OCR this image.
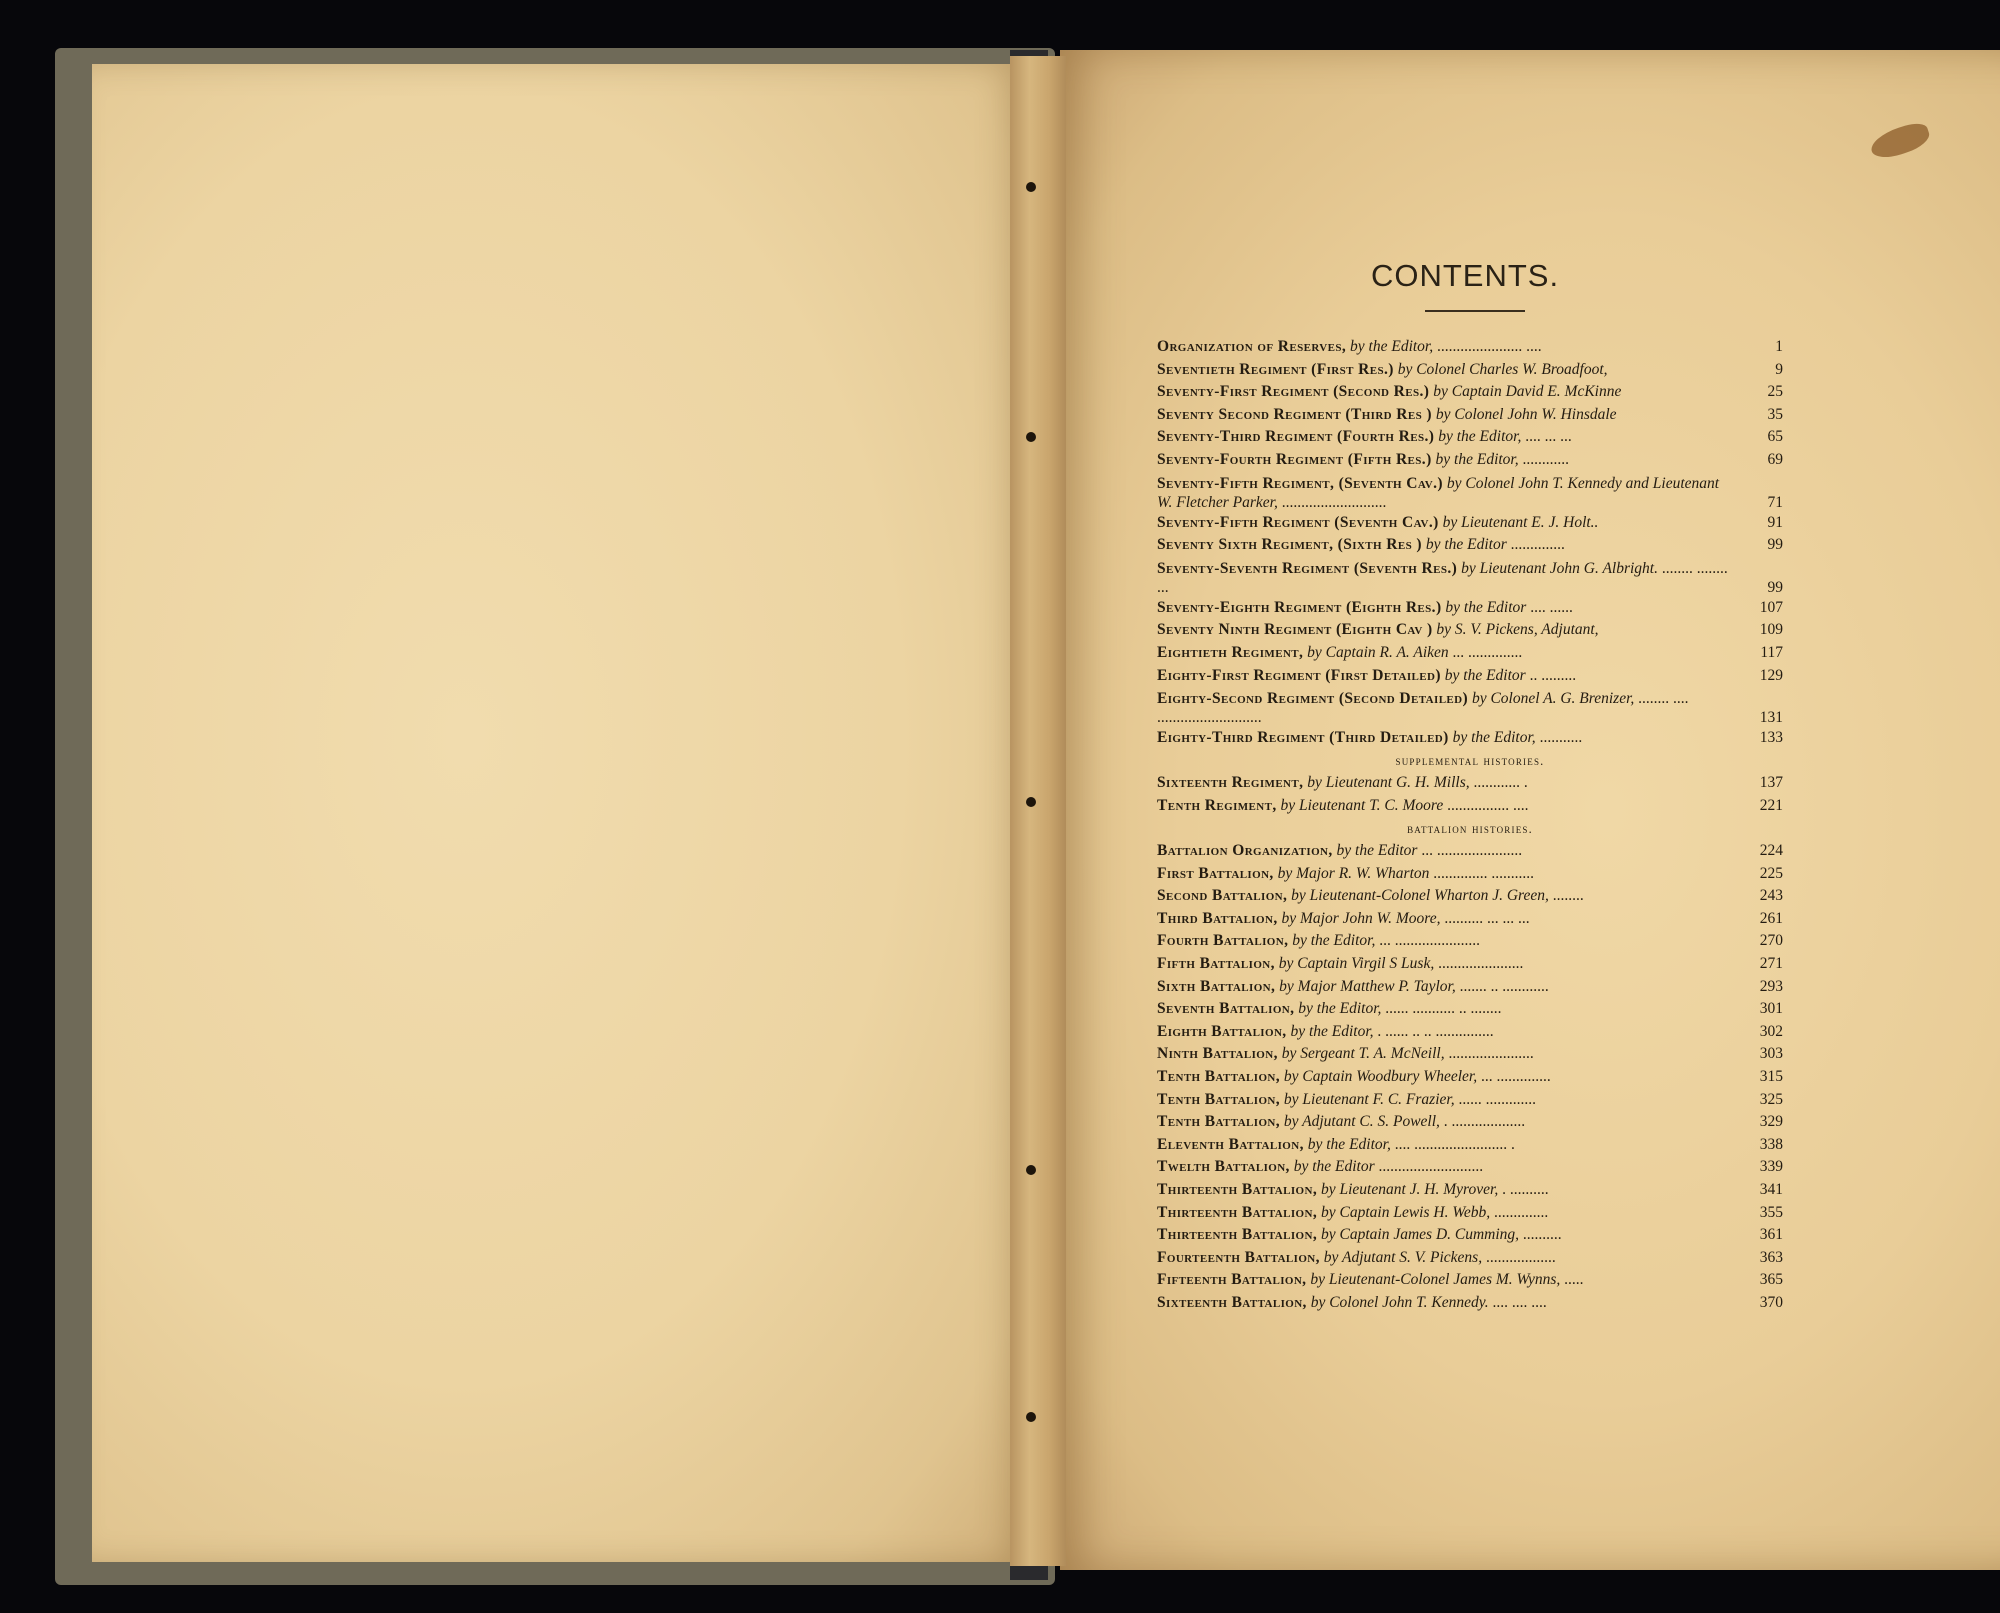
CONTENTS.
Organization of Reserves, by the Editor, ...................... ....	1
Seventieth Regiment (First Res.) by Colonel Charles W. Broadfoot,	9
Seventy-First Regiment (Second Res.) by Captain David E. McKinne	25
Seventy Second Regiment (Third Res ) by Colonel John W. Hinsdale	35
Seventy-Third Regiment (Fourth Res.) by the Editor, .... ... ...	65
Seventy-Fourth Regiment (Fifth Res.) by the Editor, ............	69
Seventy-Fifth Regiment, (Seventh Cav.) by Colonel John T. Kennedy and Lieutenant W. Fletcher Parker, ...........................	71
Seventy-Fifth Regiment (Seventh Cav.) by Lieutenant E. J. Holt..	91
Seventy Sixth Regiment, (Sixth Res ) by the Editor ..............	99
Seventy-Seventh Regiment (Seventh Res.) by Lieutenant John G. Albright. ........ ........ ...	99
Seventy-Eighth Regiment (Eighth Res.) by the Editor .... ......	107
Seventy Ninth Regiment (Eighth Cav ) by S. V. Pickens, Adjutant,	109
Eightieth Regiment, by Captain R. A. Aiken ... ..............	117
Eighty-First Regiment (First Detailed) by the Editor .. .........	129
Eighty-Second Regiment (Second Detailed) by Colonel A. G. Brenizer, ........ .... ...........................	131
Eighty-Third Regiment (Third Detailed) by the Editor, ...........	133
supplemental histories.
Sixteenth Regiment, by Lieutenant G. H. Mills, ............ .	137
Tenth Regiment, by Lieutenant T. C. Moore ................ ....	221
battalion histories.
Battalion Organization, by the Editor ... ......................	224
First Battalion, by Major R. W. Wharton .............. ...........	225
Second Battalion, by Lieutenant-Colonel Wharton J. Green, ........	243
Third Battalion, by Major John W. Moore, .......... ... ... ...	261
Fourth Battalion, by the Editor, ... ......................	270
Fifth Battalion, by Captain Virgil S Lusk, ......................	271
Sixth Battalion, by Major Matthew P. Taylor, ....... .. ............	293
Seventh Battalion, by the Editor, ...... ........... .. ........	301
Eighth Battalion, by the Editor, . ...... .. .. ...............	302
Ninth Battalion, by Sergeant T. A. McNeill, ......................	303
Tenth Battalion, by Captain Woodbury Wheeler, ... ..............	315
Tenth Battalion, by Lieutenant F. C. Frazier, ...... .............	325
Tenth Battalion, by Adjutant C. S. Powell, . ...................	329
Eleventh Battalion, by the Editor, .... ........................ .	338
Twelth Battalion, by the Editor ...........................	339
Thirteenth Battalion, by Lieutenant J. H. Myrover, . ..........	341
Thirteenth Battalion, by Captain Lewis H. Webb, ..............	355
Thirteenth Battalion, by Captain James D. Cumming, ..........	361
Fourteenth Battalion, by Adjutant S. V. Pickens, ..................	363
Fifteenth Battalion, by Lieutenant-Colonel James M. Wynns, .....	365
Sixteenth Battalion, by Colonel John T. Kennedy. .... .... ....	370
